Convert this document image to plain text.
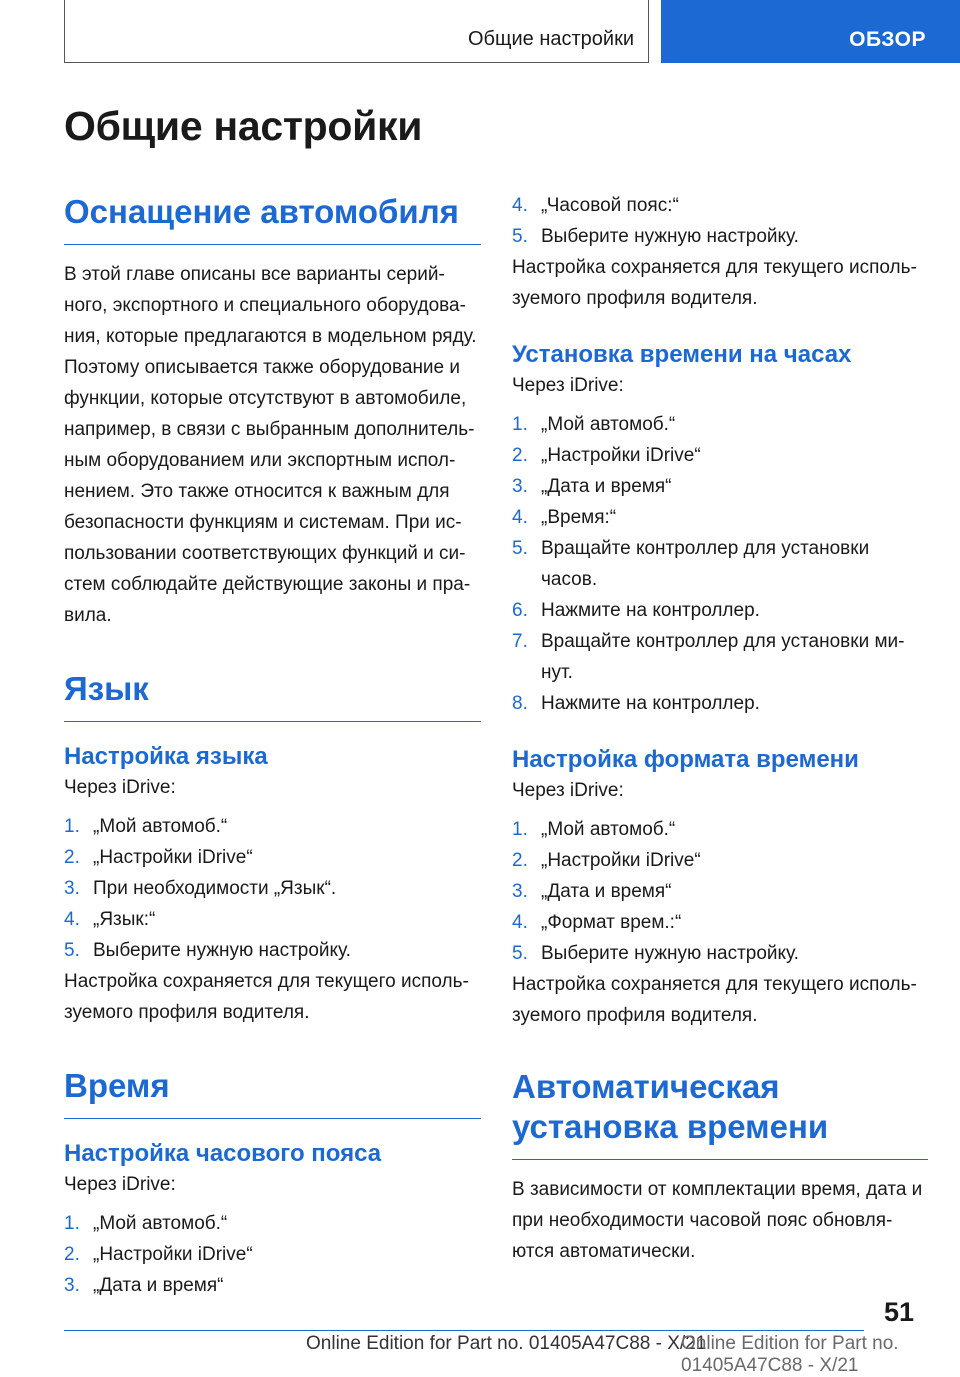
Общие настройки	ОБЗОР
Общие настройки
Оснащение автомобиля

В этой главе описаны все варианты серий-ного, экспортного и специального оборудова-ния, которые предлагаются в модельном ряду. Поэтому описывается также оборудование и функции, которые отсутствуют в автомобиле, например, в связи с выбранным дополнитель-ным оборудованием или экспортным испол-нением. Это также относится к важным для безопасности функциям и системам. При ис-пользовании соответствующих функций и си-стем соблюдайте действующие законы и пра-вила.

Язык
Настройка языка

Через iDrive:

1. „Мой автомоб.“
2. „Настройки iDrive“
3. При необходимости „Язык“.
4. „Язык:“
5. Выберите нужную настройку.

Настройка сохраняется для текущего исполь-зуемого профиля водителя.

Время
Настройка часового пояса

Через iDrive:

1. „Мой автомоб.“
2. „Настройки iDrive“
3. „Дата и время“
4. „Часовой пояс:“
5. Выберите нужную настройку.

Настройка сохраняется для текущего исполь-зуемого профиля водителя.

Установка времени на часах

Через iDrive:

1. „Мой автомоб.“
2. „Настройки iDrive“
3. „Дата и время“
4. „Время:“
5. Вращайте контроллер для установки часов.
6. Нажмите на контроллер.
7. Вращайте контроллер для установки ми-нут.
8. Нажмите на контроллер.
Настройка формата времени

Через iDrive:

1. „Мой автомоб.“
2. „Настройки iDrive“
3. „Дата и время“
4. „Формат врем.:“
5. Выберите нужную настройку.

Настройка сохраняется для текущего исполь-зуемого профиля водителя.

Автоматическая установка времени

В зависимости от комплектации время, дата и при необходимости часовой пояс обновля-ются автоматически.

51
Online Edition for Part no. 01405A47C88 - X/21
Online Edition for Part no. 01405A47C88 - X/21
